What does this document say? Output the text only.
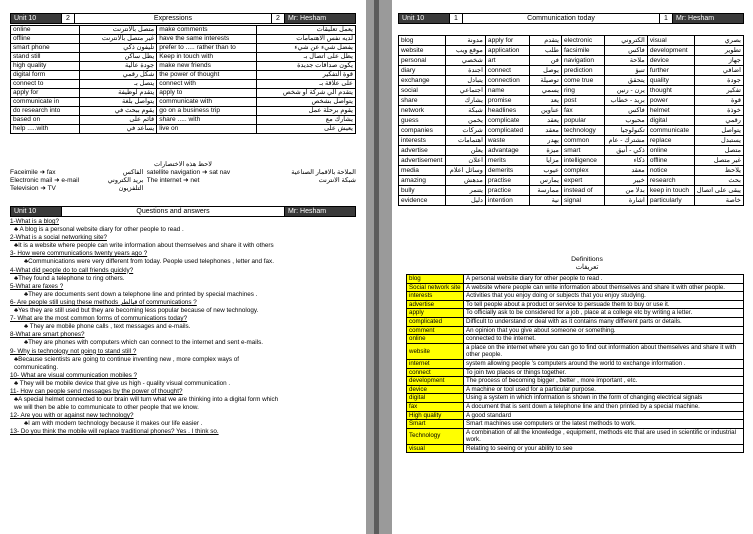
Unit 10	2	Expressions	2	Mr: Hesham
online	متصل بالانترنت	make comments	يعمل تعليقات
offline	غير متصل بالانترنت	have the same interests	لديه نفس الاهتمامات
smart phone	تليفون ذكي	prefer to ..... rather than to	يفضل شيء عن شيء
stand still	يظل ساكن	Keep in touch with	يظل على اتصال بـ
high quality	جودة عالية	make new friends	يكون صداقات جديدة
digital form	شكل رقمي	the power of thought	قوة التفكير
connect to	يتصل بـ	connect with	على علاقة بـ
apply for	يتقدم لوظيفة	apply to	يتقدم الي شركة أو شخص
communicate in	يتواصل بلغة	communicate with	يتواصل بشخص
do research into	يقوم ببحث في	go on a business trip	يقوم برحلة عمل
based on	قائم على	share ..... with	يشارك مع
help .....with	يساعد في	live on	يعيش على
لاحظ هذه الاختصارات
Faceimile ➜ fax	الفاكس satellite navigation ➜ sat nav	الملاحة بالاقمار الصناعية
Electronic mail ➜ e-mail	بريد الكتروني The internet ➜ net	شبكة الانترنت
Television ➜ TV	التلفزيون
Unit 10	Questions and answers	Mr: Hesham
1-What is a blog?
♣ A blog is a personal website diary for other people to read .
2-What is a social networking site?
♣It is a website where people can write information about themselves and share it with others
3- How were communications twenty years ago ?
♣Communications were very different from today. People used telephones , letter and fax.
4-What did people do to call friends quickly?
♣They found a telephone to ring others.
5-What are faxes ?
♣They are documents sent down a telephone line and printed by special machines .
6- Are people still using these methods قبالطر of communications ?
♣Yes they are still used but they are becoming less popular because of new technology.
7- What are the most common forms of communications today?
♣ They are mobile phone calls , text messages and e-mails.
8-What are smart phones?
♣They are phones with computers which can connect to the internet and sent e-mails.
9- Why is technology not going to stand still ?
♣Because scientists are going to continue inventing new , more complex ways of
communicating.
10- What are visual communication mobiles ?
♣ They will be mobile device that give us high - quality visual communication .
11- How can people send messages by the power of thought?
♣A special helmet connected to our brain will turn what we are thinking into a digital form which
we will then be able to communicate to other people that we know.
12- Are you with or against new technology?
♣I am with modern technology because it makes our life easier .
13- Do you think the mobile will replace traditional phones? Yes . I think so.
Unit 10	1	Communication today	1	Mr: Hesham
blog	مدونة	apply for	يتقدم	electronic	الكتروني	visual	بصري
website	موقع ويب	application	طلب	facsimile	فاكس	development	تطوير
personal	شخصي	art	فن	navigation	ملاحة	device	جهاز
diary	اجندة	connect	يوصل	prediction	تنبؤ	further	اضافي
exchange	يتبادل	connection	توصيلة	come true	يتحقق	quality	جودة
social	اجتماعي	name	يسمي	ring	يرن - رنين	thought	تفكير
share	يشارك	promise	يعد	post	بريد - خطاب	power	قوة
network	شبكة	headlines	عناوين	fax	فاكس	helmet	خوذة
guess	يخمن	complicate	يعقد	popular	محبوب	digital	رقمي
companies	شركات	complicated	معقد	technology	تكنولوجيا	communicate	يتواصل
interests	اهتمامات	waste	يهدر	common	مشترك - عام	replace	يستبدل
advertise	يعلن	advantage	ميزة	smart	ذكي - أنيق	online	متصل
advertisement	اعلان	merits	مزايا	intelligence	ذكاء	offline	غير متصل
media	وسائل اعلام	demerits	عيوب	complex	معقد	notice	يلاحظ
amazing	مدهش	practise	يمارس	expert	خبير	research	بحث
bully	يتنمر	practice	ممارسة	instead of	بدلا من	keep in touch	يبقى على اتصال
evidence	دليل	intention	نية	signal	اشارة	particularly	خاصة
Definitions
تعريفات
blog	A personal website diary for other people to read .
Social network site	A website where people can write information about themselves and share it with other people.
interests	Activities that you enjoy doing or subjects that you enjoy studying.
advertise	To tell people about a product or service to persuade them to buy or use it.
apply	To officially ask to be considered for a job , place at a college etc by writing a letter.
complicated	Difficult to understand or deal with as it contains many different parts or details.
comment	An opinion that you give about someone or something.
online	connected to the internet.
website	a place on the internet where you can go to find out information about themselves and share it with other people.
internet	system allowing people 's computers around the world to exchange information .
connect	To join two places or things together.
development	The process of becoming bigger , better , more important , etc.
device	A machine or tool used for a particular purpose.
digital	Using a system in which information is shown in the form of changing electrical signals
fax	A document that is sent down a telephone line and then printed by a special machine.
High quality	A good standard
Smart	Smart machines use computers or the latest methods to work.
Technology	A combination of all the knowledge , equipment, methods etc that are used in scientific or industrial work.
visual	Relating to seeing or your ability to see
